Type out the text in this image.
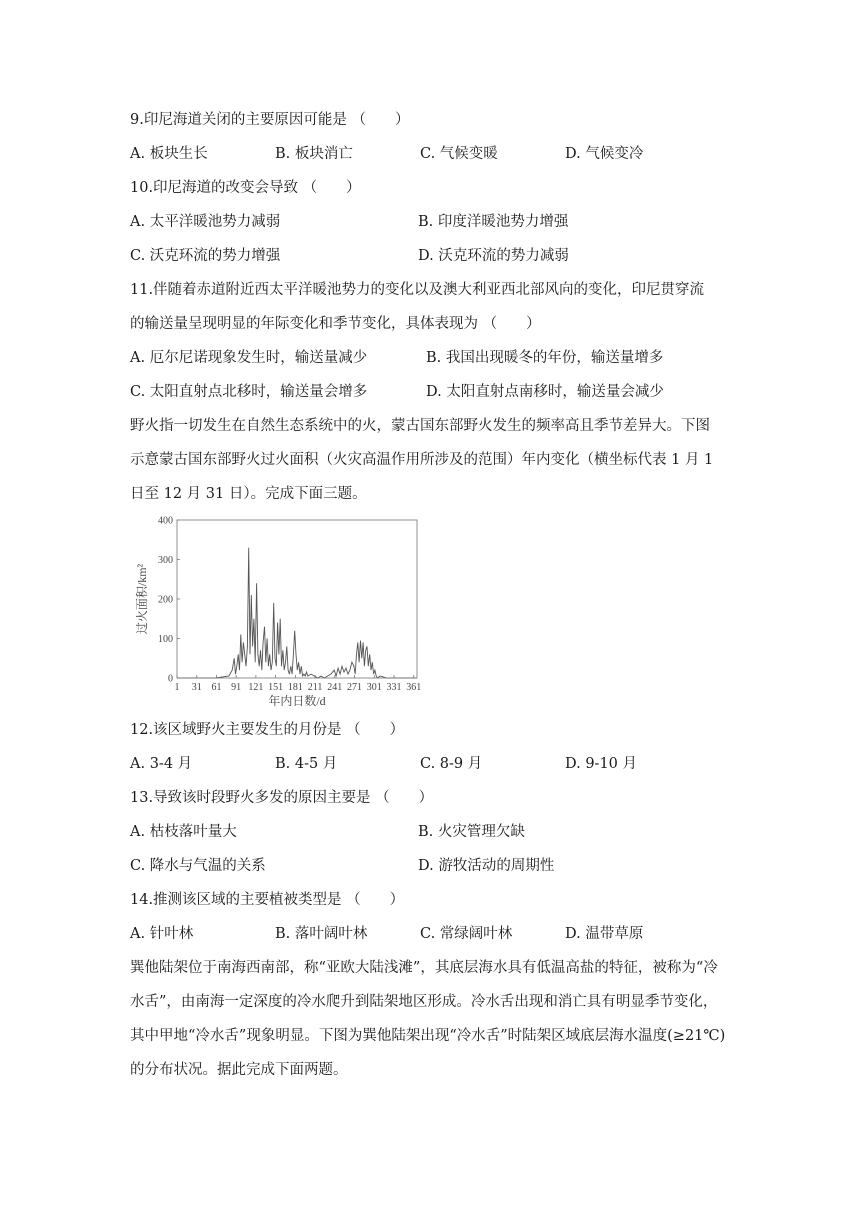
9.印尼海道关闭的主要原因可能是 （　　）
A. 板块生长	B. 板块消亡	C. 气候变暖	D. 气候变冷
10.印尼海道的改变会导致 （　　）
A. 太平洋暖池势力减弱	B. 印度洋暖池势力增强
C. 沃克环流的势力增强	D. 沃克环流的势力减弱
11.伴随着赤道附近西太平洋暖池势力的变化以及澳大利亚西北部风向的变化，印尼贯穿流
的输送量呈现明显的年际变化和季节变化，具体表现为 （　　）
A. 厄尔尼诺现象发生时，输送量减少	B. 我国出现暖冬的年份，输送量增多
C. 太阳直射点北移时，输送量会增多	D. 太阳直射点南移时，输送量会减少
野火指一切发生在自然生态系统中的火，蒙古国东部野火发生的频率高且季节差异大。下图
示意蒙古国东部野火过火面积（火灾高温作用所涉及的范围）年内变化（横坐标代表 1 月 1
日至 12 月 31 日）。完成下面三题。
0
100
200
300
400
1 31 61 91 121 151 181 211 241 271 301 331 361
过火面积/km²
年内日数/d
12.该区域野火主要发生的月份是 （　　）
A. 3-4 月	B. 4-5 月	C. 8-9 月	D. 9-10 月
13.导致该时段野火多发的原因主要是 （　　）
A. 枯枝落叶量大	B. 火灾管理欠缺
C. 降水与气温的关系	D. 游牧活动的周期性
14.推测该区域的主要植被类型是 （　　）
A. 针叶林	B. 落叶阔叶林	C. 常绿阔叶林	D. 温带草原
巽他陆架位于南海西南部，称“亚欧大陆浅滩”，其底层海水具有低温高盐的特征，被称为“冷
水舌”，由南海一定深度的冷水爬升到陆架地区形成。冷水舌出现和消亡具有明显季节变化，
其中甲地“冷水舌”现象明显。下图为巽他陆架出现“冷水舌”时陆架区域底层海水温度(≥21℃)
的分布状况。据此完成下面两题。
